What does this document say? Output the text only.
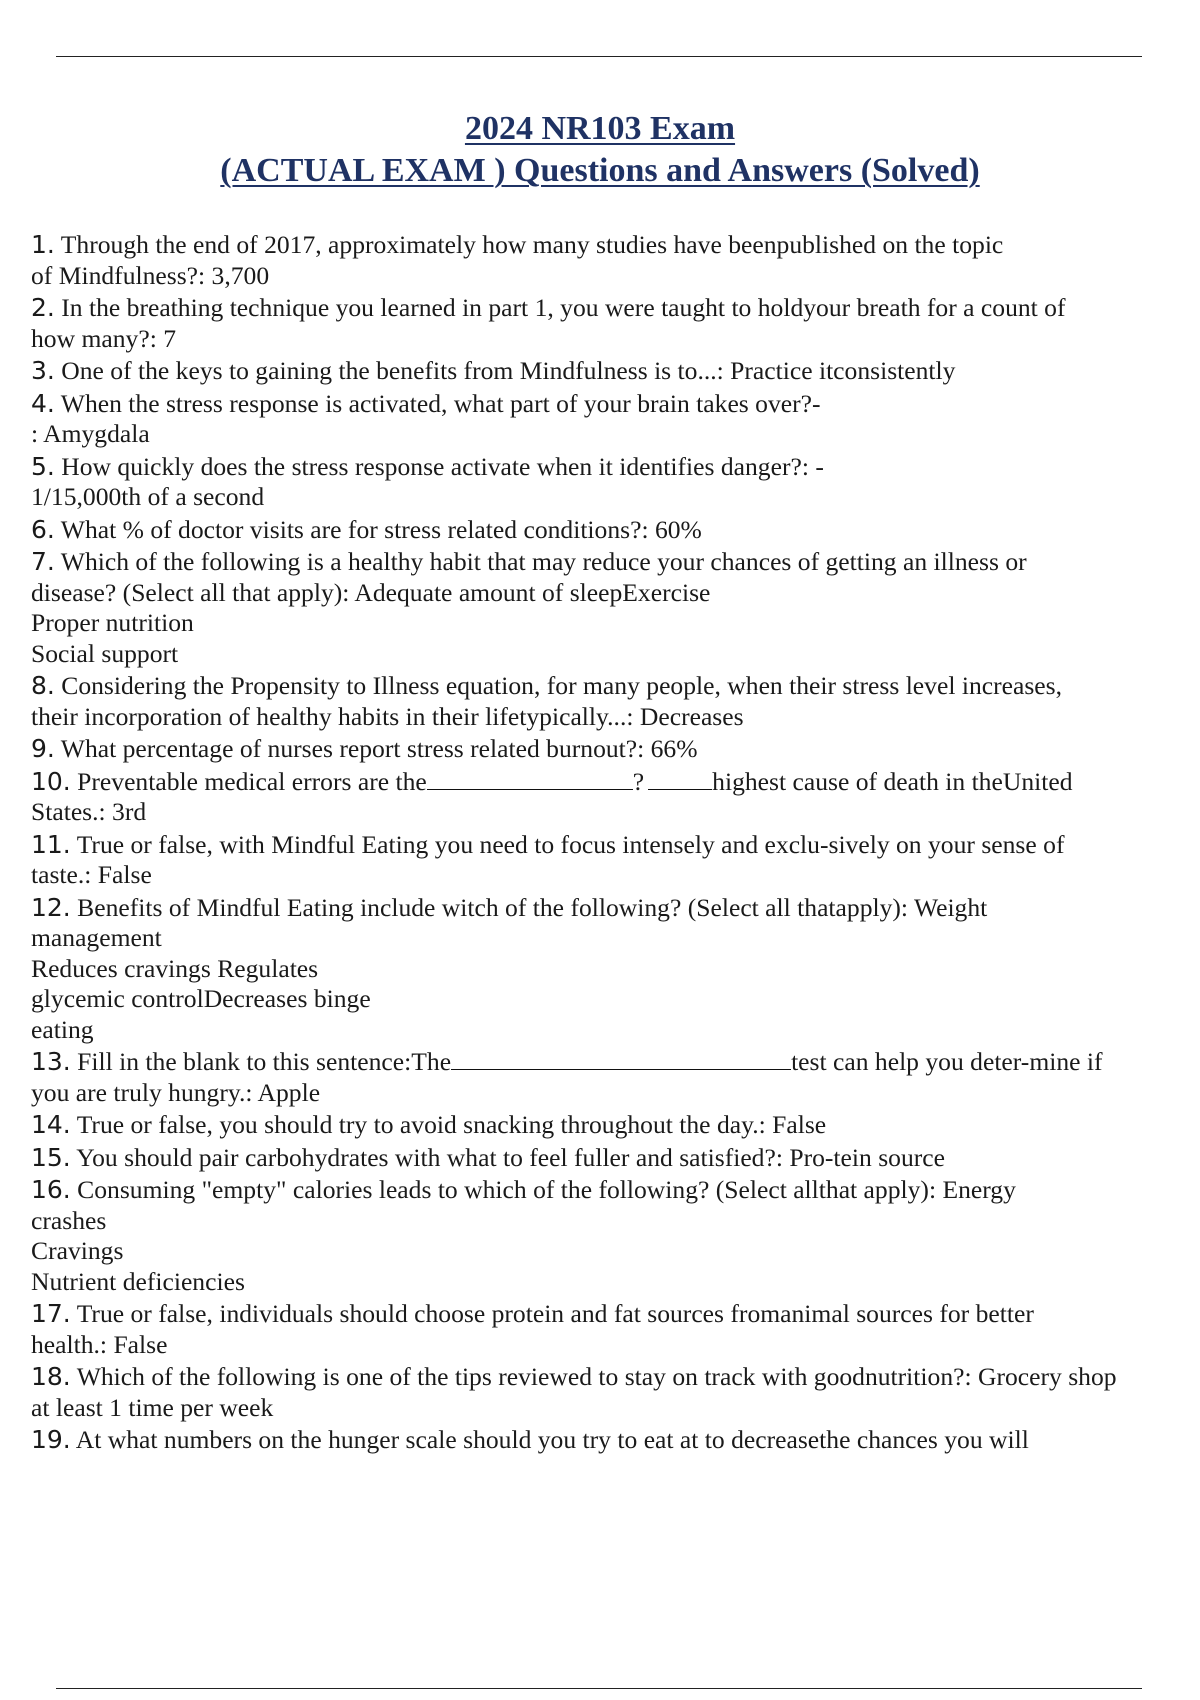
2024 NR103 Exam
(ACTUAL EXAM ) Questions and Answers (Solved)
1. Through the end of 2017, approximately how many studies have beenpublished on the topic
of Mindfulness?: 3,700
2. In the breathing technique you learned in part 1, you were taught to holdyour breath for a count of
how many?: 7
3. One of the keys to gaining the benefits from Mindfulness is to...: Practice itconsistently
4. When the stress response is activated, what part of your brain takes over?-
: Amygdala
5. How quickly does the stress response activate when it identifies danger?: -
1/15,000th of a second
6. What % of doctor visits are for stress related conditions?: 60%
7. Which of the following is a healthy habit that may reduce your chances of getting an illness or
disease? (Select all that apply): Adequate amount of sleepExercise
Proper nutrition
Social support
8. Considering the Propensity to Illness equation, for many people, when their stress level increases,
their incorporation of healthy habits in their lifetypically...: Decreases
9. What percentage of nurses report stress related burnout?: 66%
10. Preventable medical errors are the	?	highest cause of death in theUnited
States.: 3rd
11. True or false, with Mindful Eating you need to focus intensely and exclu-sively on your sense of
taste.: False
12. Benefits of Mindful Eating include witch of the following? (Select all thatapply): Weight
management
Reduces cravings Regulates
glycemic controlDecreases binge
eating
13. Fill in the blank to this sentence:The	test can help you deter-mine if
you are truly hungry.: Apple
14. True or false, you should try to avoid snacking throughout the day.: False
15. You should pair carbohydrates with what to feel fuller and satisfied?: Pro-tein source
16. Consuming "empty" calories leads to which of the following? (Select allthat apply): Energy
crashes
Cravings
Nutrient deficiencies
17. True or false, individuals should choose protein and fat sources fromanimal sources for better
health.: False
18. Which of the following is one of the tips reviewed to stay on track with goodnutrition?: Grocery shop
at least 1 time per week
19. At what numbers on the hunger scale should you try to eat at to decreasethe chances you will
